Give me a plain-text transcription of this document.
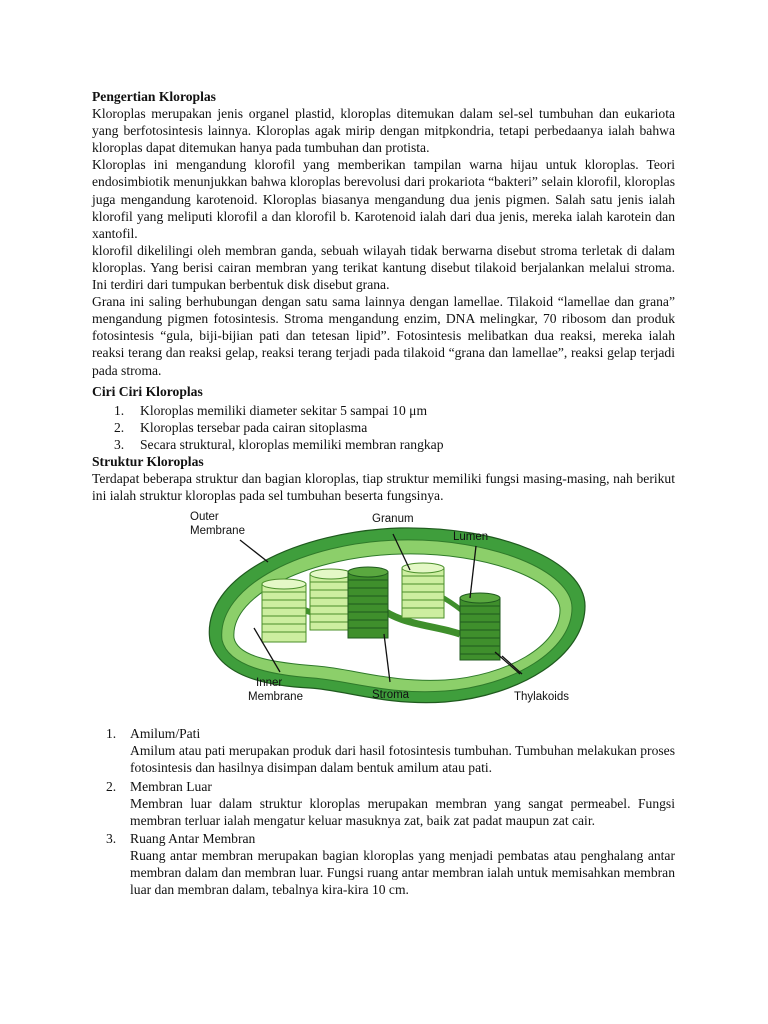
Pengertian Kloroplas

Kloroplas merupakan jenis organel plastid, kloroplas ditemukan dalam sel-sel tumbuhan dan eukariota yang berfotosintesis lainnya. Kloroplas agak mirip dengan mitpkondria, tetapi perbedaanya ialah bahwa kloroplas dapat ditemukan hanya pada tumbuhan dan protista.

Kloroplas ini mengandung klorofil yang memberikan tampilan warna hijau untuk kloroplas. Teori endosimbiotik menunjukkan bahwa kloroplas berevolusi dari prokariota “bakteri” selain klorofil, kloroplas juga mengandung karotenoid. Kloroplas biasanya mengandung dua jenis pigmen. Salah satu jenis ialah klorofil yang meliputi klorofil a dan klorofil b. Karotenoid ialah dari dua jenis, mereka ialah karotein dan xantofil.

klorofil dikelilingi oleh membran ganda, sebuah wilayah tidak berwarna disebut stroma terletak di dalam kloroplas. Yang berisi cairan membran yang terikat kantung disebut tilakoid berjalankan melalui stroma. Ini terdiri dari tumpukan berbentuk disk disebut grana.

Grana ini saling berhubungan dengan satu sama lainnya dengan lamellae. Tilakoid “lamellae dan grana” mengandung pigmen fotosintesis. Stroma mengandung enzim, DNA melingkar, 70 ribosom dan produk fotosintesis “gula, biji-bijian pati dan tetesan lipid”. Fotosintesis melibatkan dua reaksi, mereka ialah reaksi terang dan reaksi gelap, reaksi terang terjadi pada tilakoid “grana dan lamellae”, reaksi gelap terjadi pada stroma.

Ciri Ciri Kloroplas
1. Kloroplas memiliki diameter sekitar 5 sampai 10 μm
2. Kloroplas tersebar pada cairan sitoplasma
3. Secara struktural, kloroplas memiliki membran rangkap
Struktur Kloroplas

Terdapat beberapa struktur dan bagian kloroplas, tiap struktur memiliki fungsi masing-masing, nah berikut ini ialah struktur kloroplas pada sel tumbuhan beserta fungsinya.

Outer
Membrane
Granum
Lumen
Inner
Membrane	Stroma	Thylakoids
1. Amilum/Pati
Amilum atau pati merupakan produk dari hasil fotosintesis tumbuhan. Tumbuhan melakukan proses fotosintesis dan hasilnya disimpan dalam bentuk amilum atau pati.
2. Membran Luar
Membran luar dalam struktur kloroplas merupakan membran yang sangat permeabel. Fungsi membran terluar ialah mengatur keluar masuknya zat, baik zat padat maupun zat cair.
3. Ruang Antar Membran
Ruang antar membran merupakan bagian kloroplas yang menjadi pembatas atau penghalang antar membran dalam dan membran luar. Fungsi ruang antar membran ialah untuk memisahkan membran luar dan membran dalam, tebalnya kira-kira 10 cm.
